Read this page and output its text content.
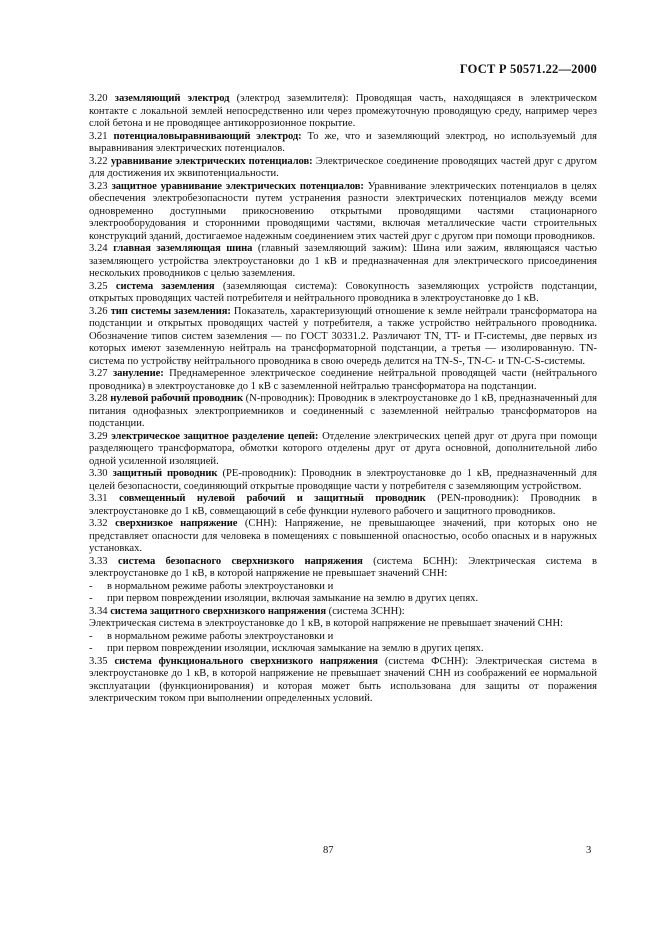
ГОСТ Р 50571.22—2000

3.20 заземляющий электрод (электрод заземлителя): Проводящая часть, находящаяся в электрическом контакте с локальной землей непосредственно или через промежуточную проводящую среду, например через слой бетона и не проводящее антикоррозионное покрытие.

3.21 потенциаловыравнивающий электрод: То же, что и заземляющий электрод, но используемый для выравнивания электрических потенциалов.

3.22 уравнивание электрических потенциалов: Электрическое соединение проводящих частей друг с другом для достижения их эквипотенциальности.

3.23 защитное уравнивание электрических потенциалов: Уравнивание электрических потенциалов в целях обеспечения электробезопасности путем устранения разности электрических потенциалов между всеми одновременно доступными прикосновению открытыми проводящими частями стационарного электрооборудования и сторонними проводящими частями, включая металлические части строительных конструкций зданий, достигаемое надежным соединением этих частей друг с другом при помощи проводников.

3.24 главная заземляющая шина (главный заземляющий зажим): Шина или зажим, являющаяся частью заземляющего устройства электроустановки до 1 кВ и предназначенная для электрического присоединения нескольких проводников с целью заземления.

3.25 система заземления (заземляющая система): Совокупность заземляющих устройств подстанции, открытых проводящих частей потребителя и нейтрального проводника в электроустановке до 1 кВ.

3.26 тип системы заземления: Показатель, характеризующий отношение к земле нейтрали трансформатора на подстанции и открытых проводящих частей у потребителя, а также устройство нейтрального проводника. Обозначение типов систем заземления — по ГОСТ 30331.2. Различают TN, TT- и IT-системы, две первых из которых имеют заземленную нейтраль на трансформаторной подстанции, а третья — изолированную. TN-система по устройству нейтрального проводника в свою очередь делится на TN-S-, TN-C- и TN-C-S-системы.

3.27 зануление: Преднамеренное электрическое соединение нейтральной проводящей части (нейтрального проводника) в электроустановке до 1 кВ с заземленной нейтралью трансформатора на подстанции.

3.28 нулевой рабочий проводник (N-проводник): Проводник в электроустановке до 1 кВ, предназначенный для питания однофазных электроприемников и соединенный с заземленной нейтралью трансформаторов на подстанции.

3.29 электрическое защитное разделение цепей: Отделение электрических цепей друг от друга при помощи разделяющего трансформатора, обмотки которого отделены друг от друга основной, дополнительной либо одной усиленной изоляцией.

3.30 защитный проводник (PE-проводник): Проводник в электроустановке до 1 кВ, предназначенный для целей безопасности, соединяющий открытые проводящие части у потребителя с заземляющим устройством.

3.31 совмещенный нулевой рабочий и защитный проводник (PEN-проводник): Проводник в электроустановке до 1 кВ, совмещающий в себе функции нулевого рабочего и защитного проводников.

3.32 сверхнизкое напряжение (СНН): Напряжение, не превышающее значений, при которых оно не представляет опасности для человека в помещениях с повышенной опасностью, особо опасных и в наружных установках.

3.33 система безопасного сверхнизкого напряжения (система БСНН): Электрическая система в электроустановке до 1 кВ, в которой напряжение не превышает значений СНН:

- в нормальном режиме работы электроустановки и

- при первом повреждении изоляции, включая замыкание на землю в других цепях.

3.34 система защитного сверхнизкого напряжения (система ЗСНН):

Электрическая система в электроустановке до 1 кВ, в которой напряжение не превышает значений СНН:

- в нормальном режиме работы электроустановки и

- при первом повреждении изоляции, исключая замыкание на землю в других цепях.

3.35 система функционального сверхнизкого напряжения (система ФСНН): Электрическая система в электроустановке до 1 кВ, в которой напряжение не превышает значений СНН из соображений ее нормальной эксплуатации (функционирования) и которая может быть использована для защиты от поражения электрическим током при выполнении определенных условий.

87	3
